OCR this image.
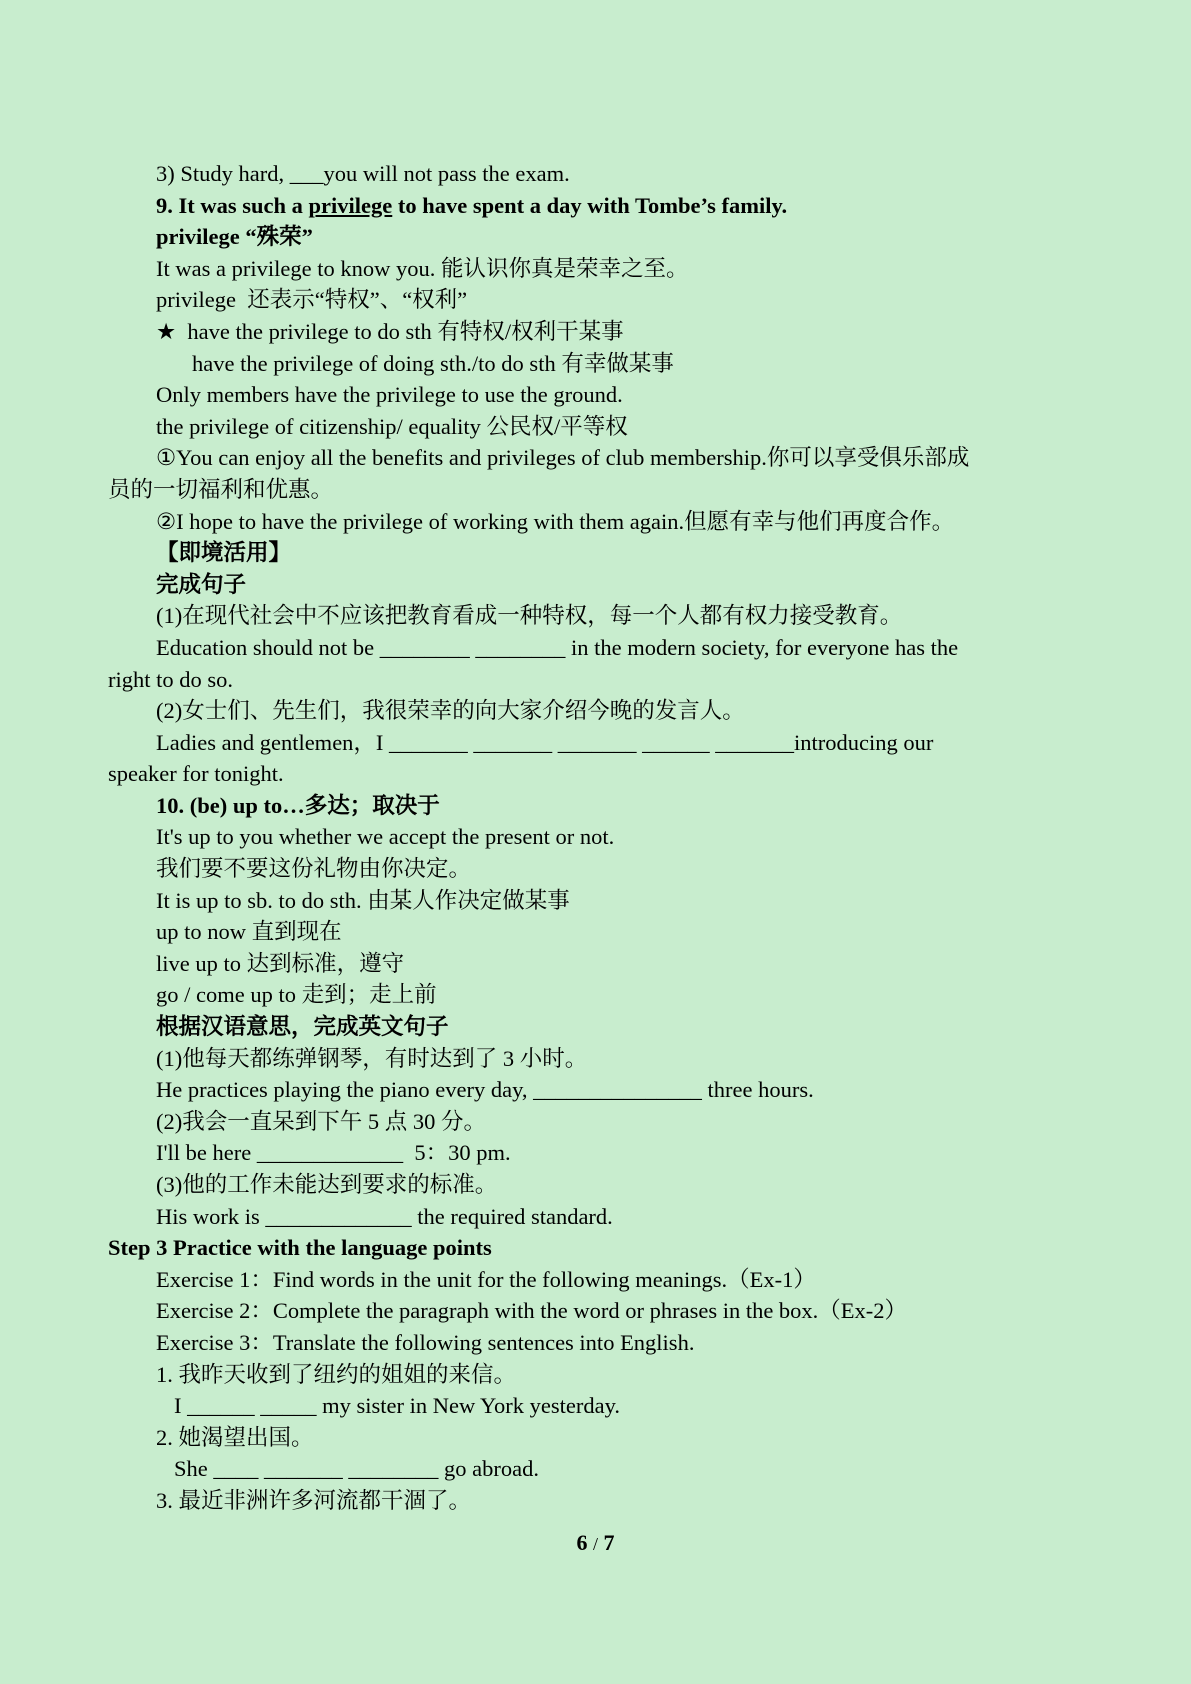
3) Study hard, ___you will not pass the exam.
9. It was such a privilege to have spent a day with Tombe’s family.
privilege “殊荣”
It was a privilege to know you. 能认识你真是荣幸之至。
privilege  还表示“特权”、“权利”
★  have the privilege to do sth 有特权/权利干某事
have the privilege of doing sth./to do sth 有幸做某事
Only members have the privilege to use the ground.
the privilege of citizenship/ equality 公民权/平等权
①You can enjoy all the benefits and privileges of club membership.你可以享受俱乐部成
员的一切福利和优惠。
②I hope to have the privilege of working with them again.但愿有幸与他们再度合作。
【即境活用】
完成句子
(1)在现代社会中不应该把教育看成一种特权，每一个人都有权力接受教育。
Education should not be ________ ________ in the modern society, for everyone has the
right to do so.
(2)女士们、先生们，我很荣幸的向大家介绍今晚的发言人。
Ladies and gentlemen，I _______ _______ _______ ______ _______introducing our
speaker for tonight.
10. (be) up to…多达；取决于
It's up to you whether we accept the present or not.
我们要不要这份礼物由你决定。
It is up to sb. to do sth. 由某人作决定做某事
up to now 直到现在
live up to 达到标准，遵守
go / come up to 走到；走上前
根据汉语意思，完成英文句子
(1)他每天都练弹钢琴，有时达到了 3 小时。
He practices playing the piano every day, _______________ three hours.
(2)我会一直呆到下午 5 点 30 分。
I'll be here _____________  5：30 pm.
(3)他的工作未能达到要求的标准。
His work is _____________ the required standard.
Step 3 Practice with the language points
Exercise 1：Find words in the unit for the following meanings.（Ex-1）
Exercise 2：Complete the paragraph with the word or phrases in the box.（Ex-2）
Exercise 3：Translate the following sentences into English.
1. 我昨天收到了纽约的姐姐的来信。
I ______ _____ my sister in New York yesterday.
2. 她渴望出国。
She ____ _______ ________ go abroad.
3. 最近非洲许多河流都干涸了。
6 / 7
